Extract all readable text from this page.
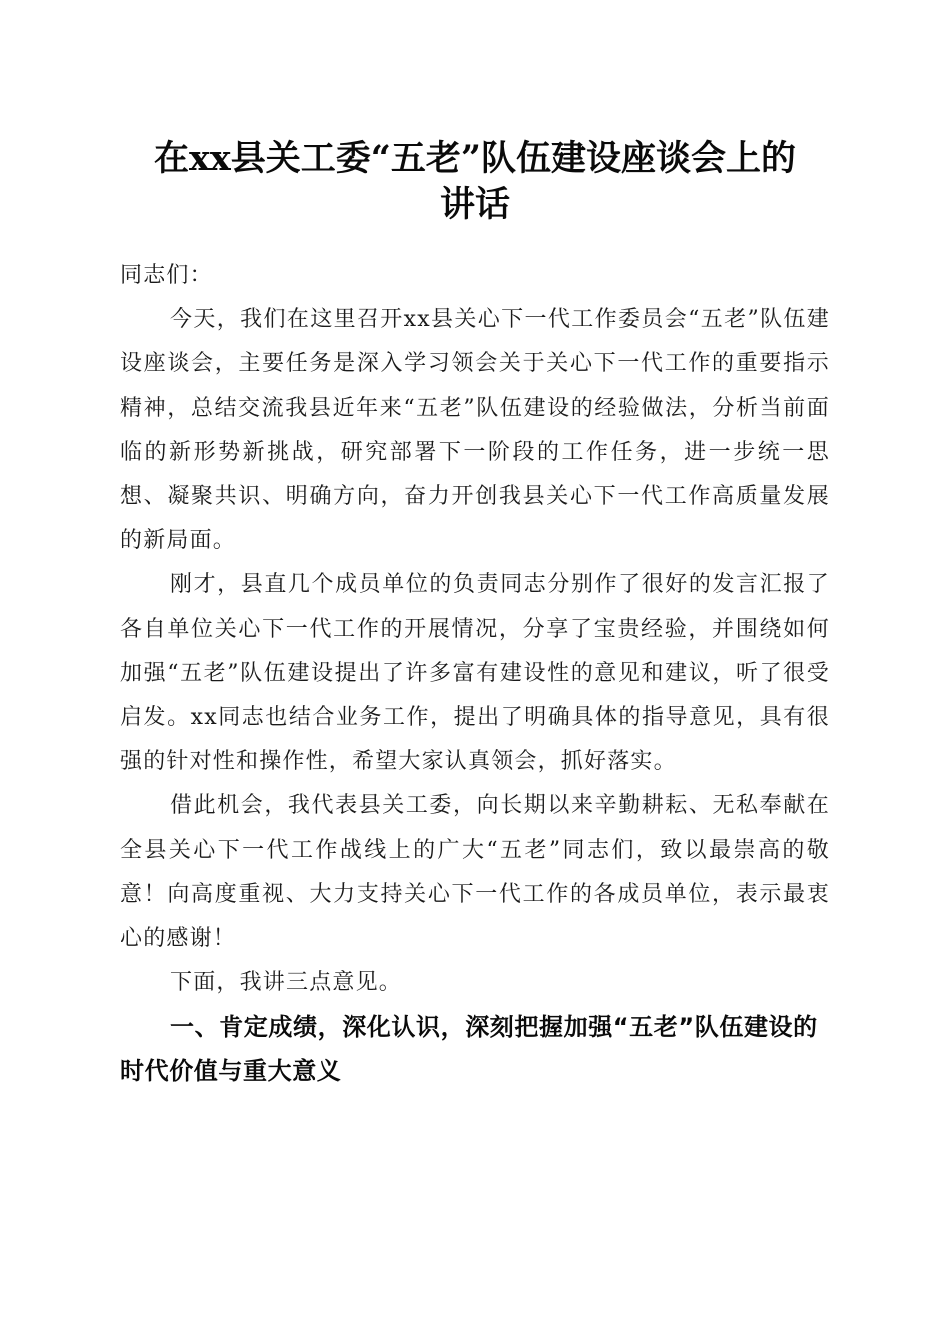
在xx县关工委“五老”队伍建设座谈会上的
讲话

同志们：

今天，我们在这里召开xx县关心下一代工作委员会“五老”队伍建设座谈会，主要任务是深入学习领会关于关心下一代工作的重要指示精神，总结交流我县近年来“五老”队伍建设的经验做法，分析当前面临的新形势新挑战，研究部署下一阶段的工作任务，进一步统一思想、凝聚共识、明确方向，奋力开创我县关心下一代工作高质量发展的新局面。

刚才，县直几个成员单位的负责同志分别作了很好的发言汇报了各自单位关心下一代工作的开展情况，分享了宝贵经验，并围绕如何加强“五老”队伍建设提出了许多富有建设性的意见和建议，听了很受启发。xx同志也结合业务工作，提出了明确具体的指导意见，具有很强的针对性和操作性，希望大家认真领会，抓好落实。

借此机会，我代表县关工委，向长期以来辛勤耕耘、无私奉献在全县关心下一代工作战线上的广大“五老”同志们，致以最崇高的敬意！向高度重视、大力支持关心下一代工作的各成员单位，表示最衷心的感谢！

下面，我讲三点意见。

一、肯定成绩，深化认识，深刻把握加强“五老”队伍建设的时代价值与重大意义
